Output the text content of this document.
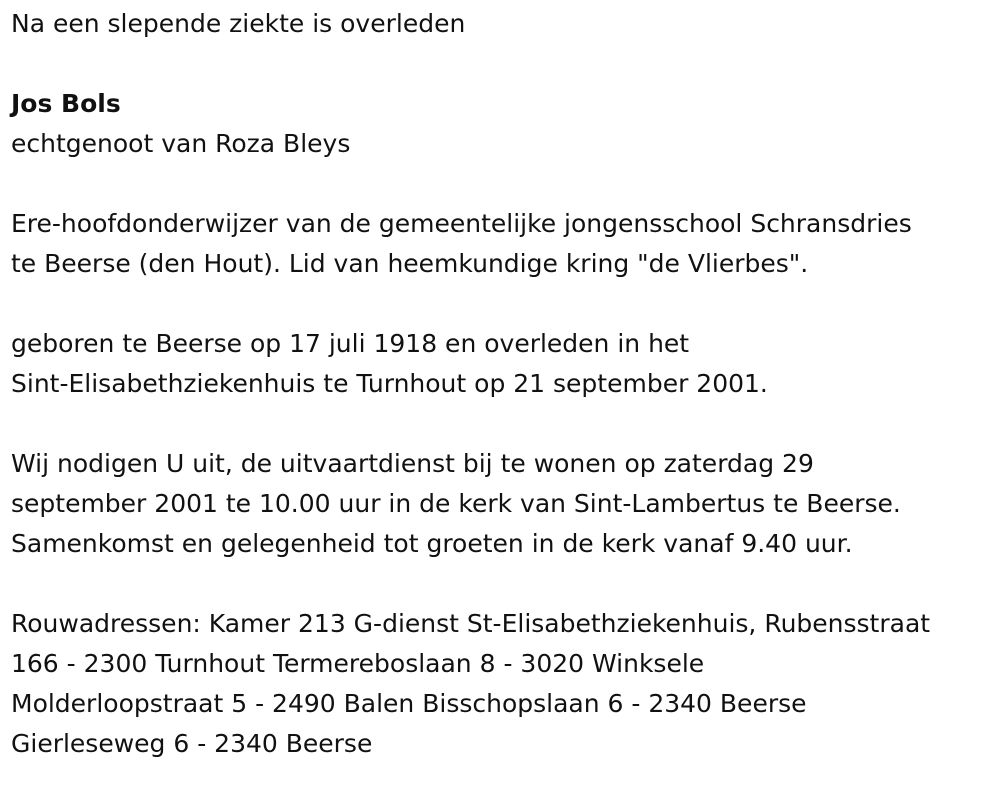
Na een slepende ziekte is overleden

Jos Bols

echtgenoot van Roza Bleys

Ere-hoofdonderwijzer van de gemeentelijke jongensschool Schransdries

te Beerse (den Hout). Lid van heemkundige kring "de Vlierbes".

geboren te Beerse op 17 juli 1918 en overleden in het

Sint-Elisabethziekenhuis te Turnhout op 21 september 2001.

Wij nodigen U uit, de uitvaartdienst bij te wonen op zaterdag 29

september 2001 te 10.00 uur in de kerk van Sint-Lambertus te Beerse.

Samenkomst en gelegenheid tot groeten in de kerk vanaf 9.40 uur.

Rouwadressen: Kamer 213 G-dienst St-Elisabethziekenhuis, Rubensstraat

166 - 2300 Turnhout Termereboslaan 8 - 3020 Winksele

Molderloopstraat 5 - 2490 Balen Bisschopslaan 6 - 2340 Beerse

Gierleseweg 6 - 2340 Beerse
